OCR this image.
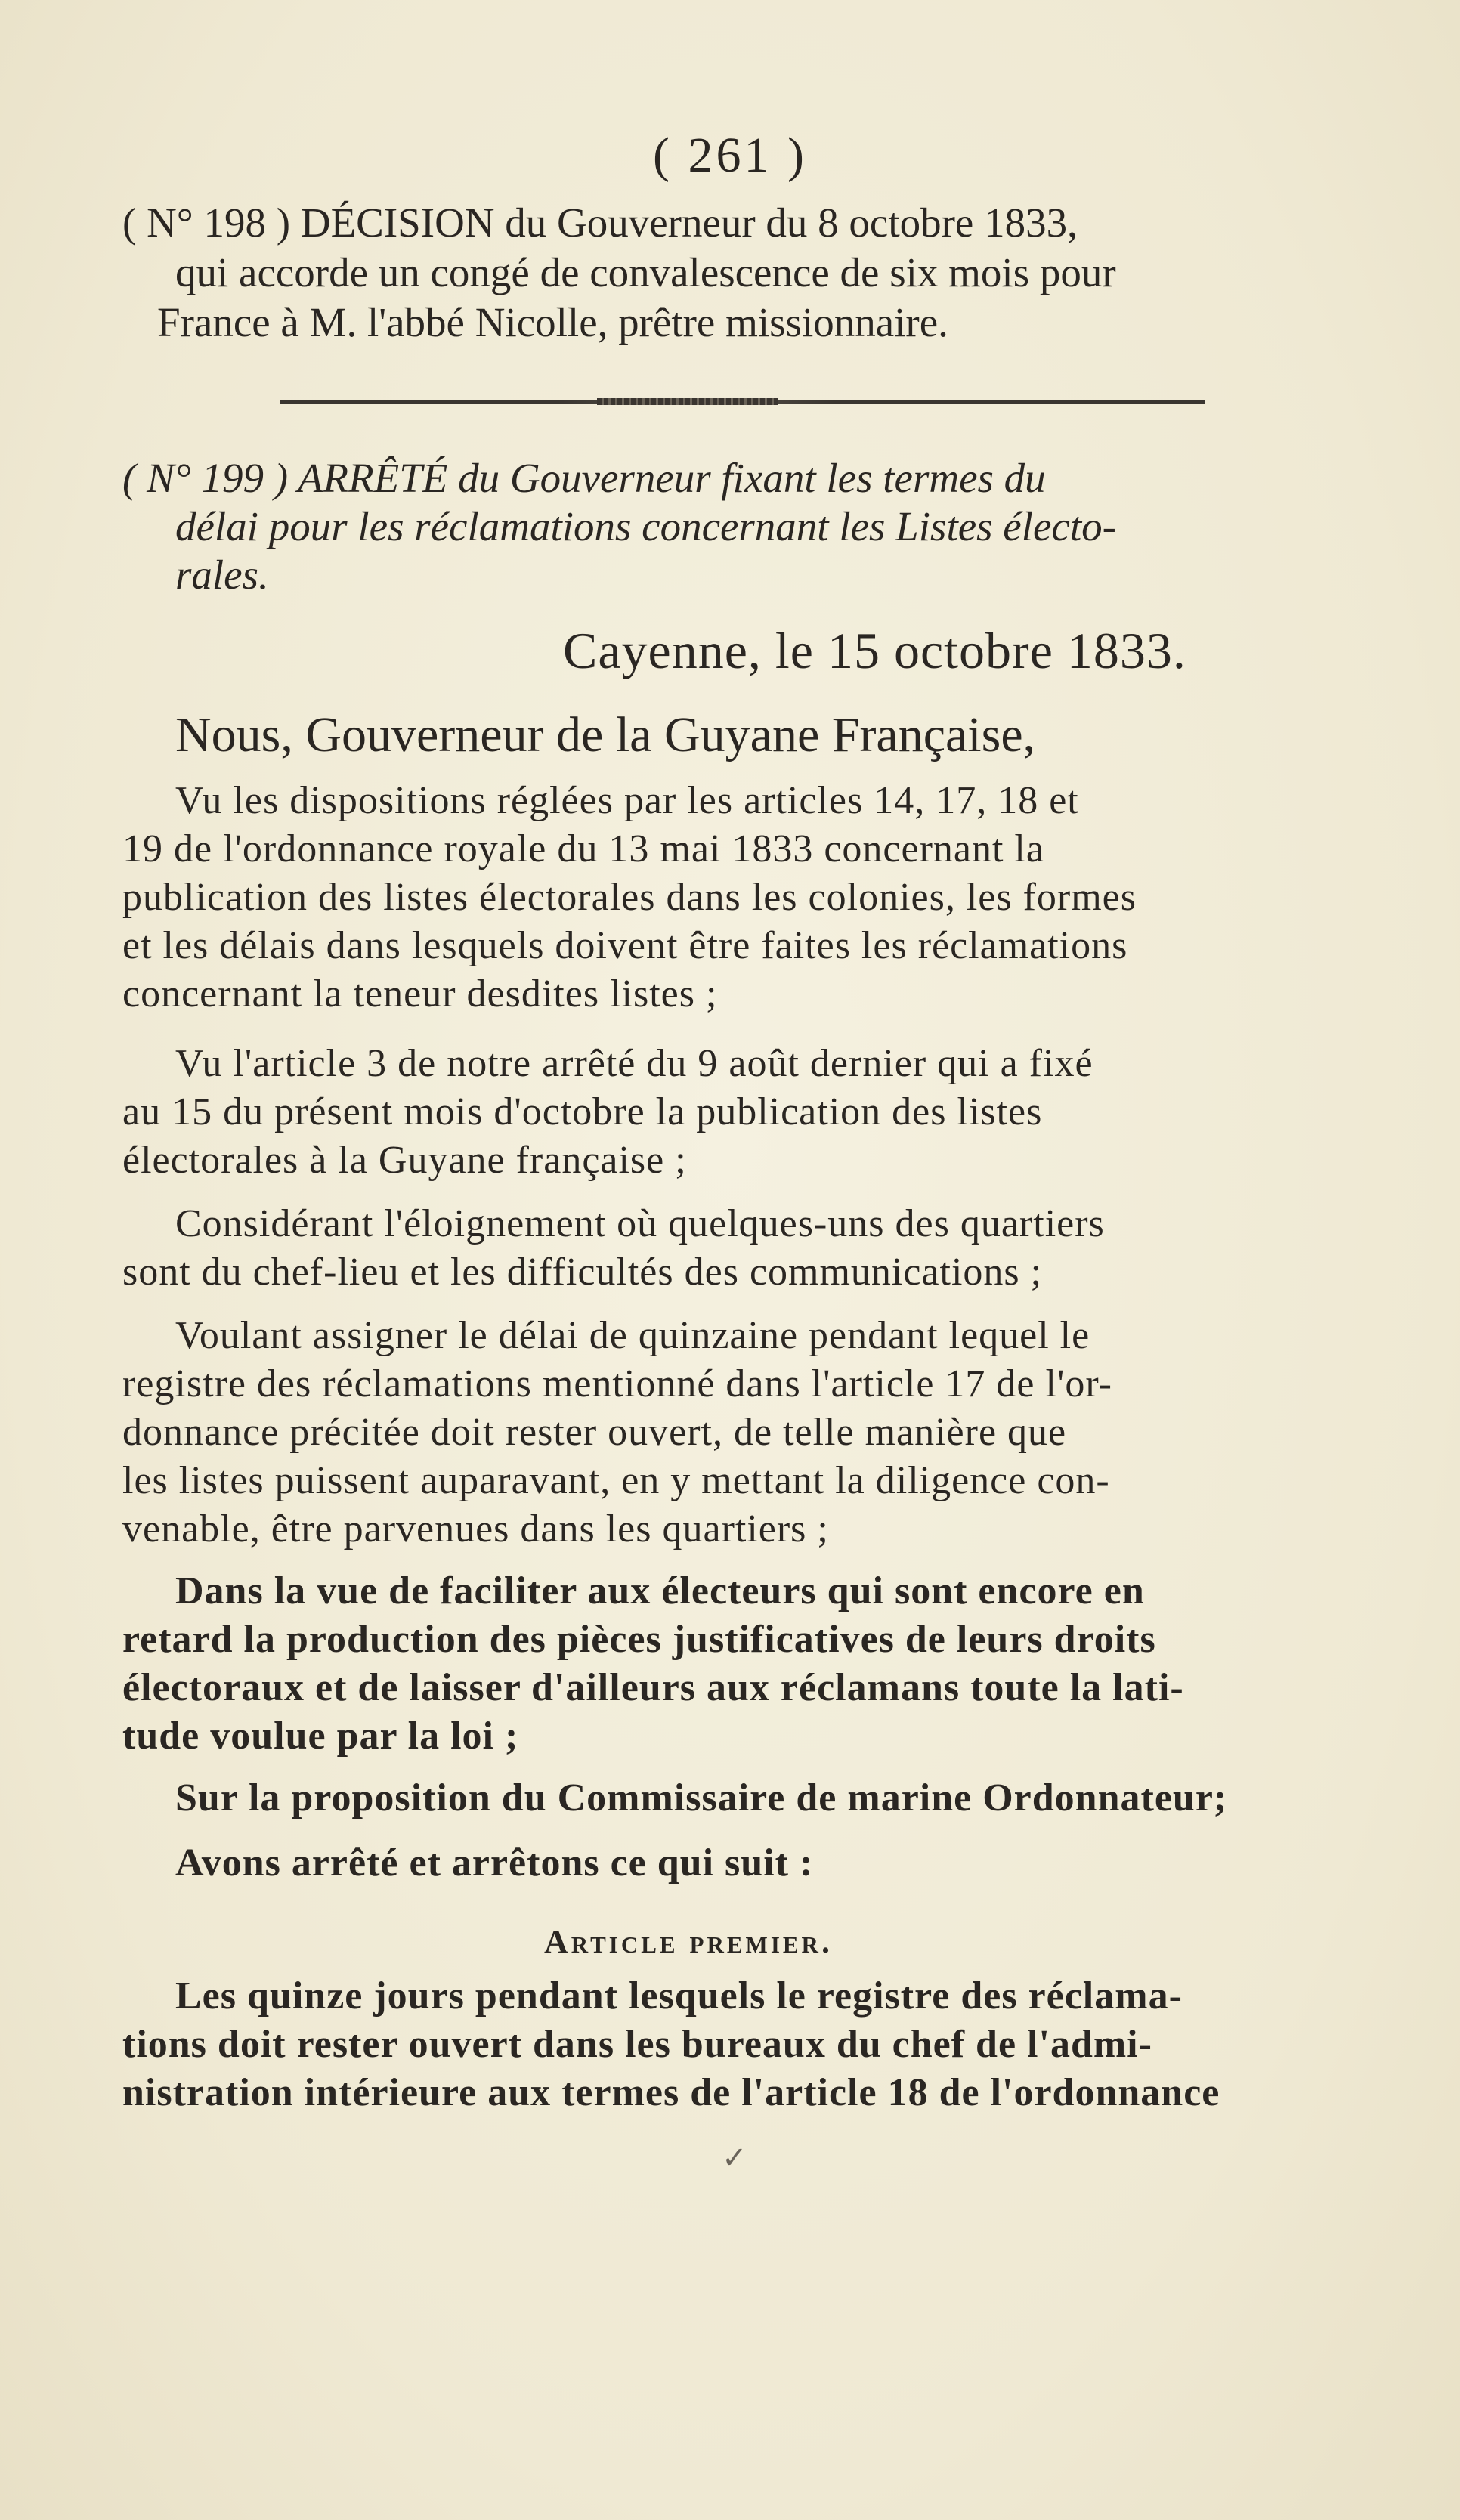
( 261 )
( N° 198 ) DÉCISION du Gouverneur du 8 octobre 1833,
qui accorde un congé de convalescence de six mois pour
France à M. l'abbé Nicolle, prêtre missionnaire.
( N° 199 ) ARRÊTÉ du Gouverneur fixant les termes du
délai pour les réclamations concernant les Listes électo-
rales.
Cayenne, le 15 octobre 1833.
Nous, Gouverneur de la Guyane Française,
Vu les dispositions réglées par les articles 14, 17, 18 et
19 de l'ordonnance royale du 13 mai 1833 concernant la
publication des listes électorales dans les colonies, les formes
et les délais dans lesquels doivent être faites les réclamations
concernant la teneur desdites listes ;
Vu l'article 3 de notre arrêté du 9 août dernier qui a fixé
au 15 du présent mois d'octobre la publication des listes
électorales à la Guyane française ;
Considérant l'éloignement où quelques-uns des quartiers
sont du chef-lieu et les difficultés des communications ;
Voulant assigner le délai de quinzaine pendant lequel le
registre des réclamations mentionné dans l'article 17 de l'or-
donnance précitée doit rester ouvert, de telle manière que
les listes puissent auparavant, en y mettant la diligence con-
venable, être parvenues dans les quartiers ;
Dans la vue de faciliter aux électeurs qui sont encore en
retard la production des pièces justificatives de leurs droits
électoraux et de laisser d'ailleurs aux réclamans toute la lati-
tude voulue par la loi ;
Sur la proposition du Commissaire de marine Ordonnateur;
Avons arrêté et arrêtons ce qui suit :
Article premier.
Les quinze jours pendant lesquels le registre des réclama-
tions doit rester ouvert dans les bureaux du chef de l'admi-
nistration intérieure aux termes de l'article 18 de l'ordonnance
✓
